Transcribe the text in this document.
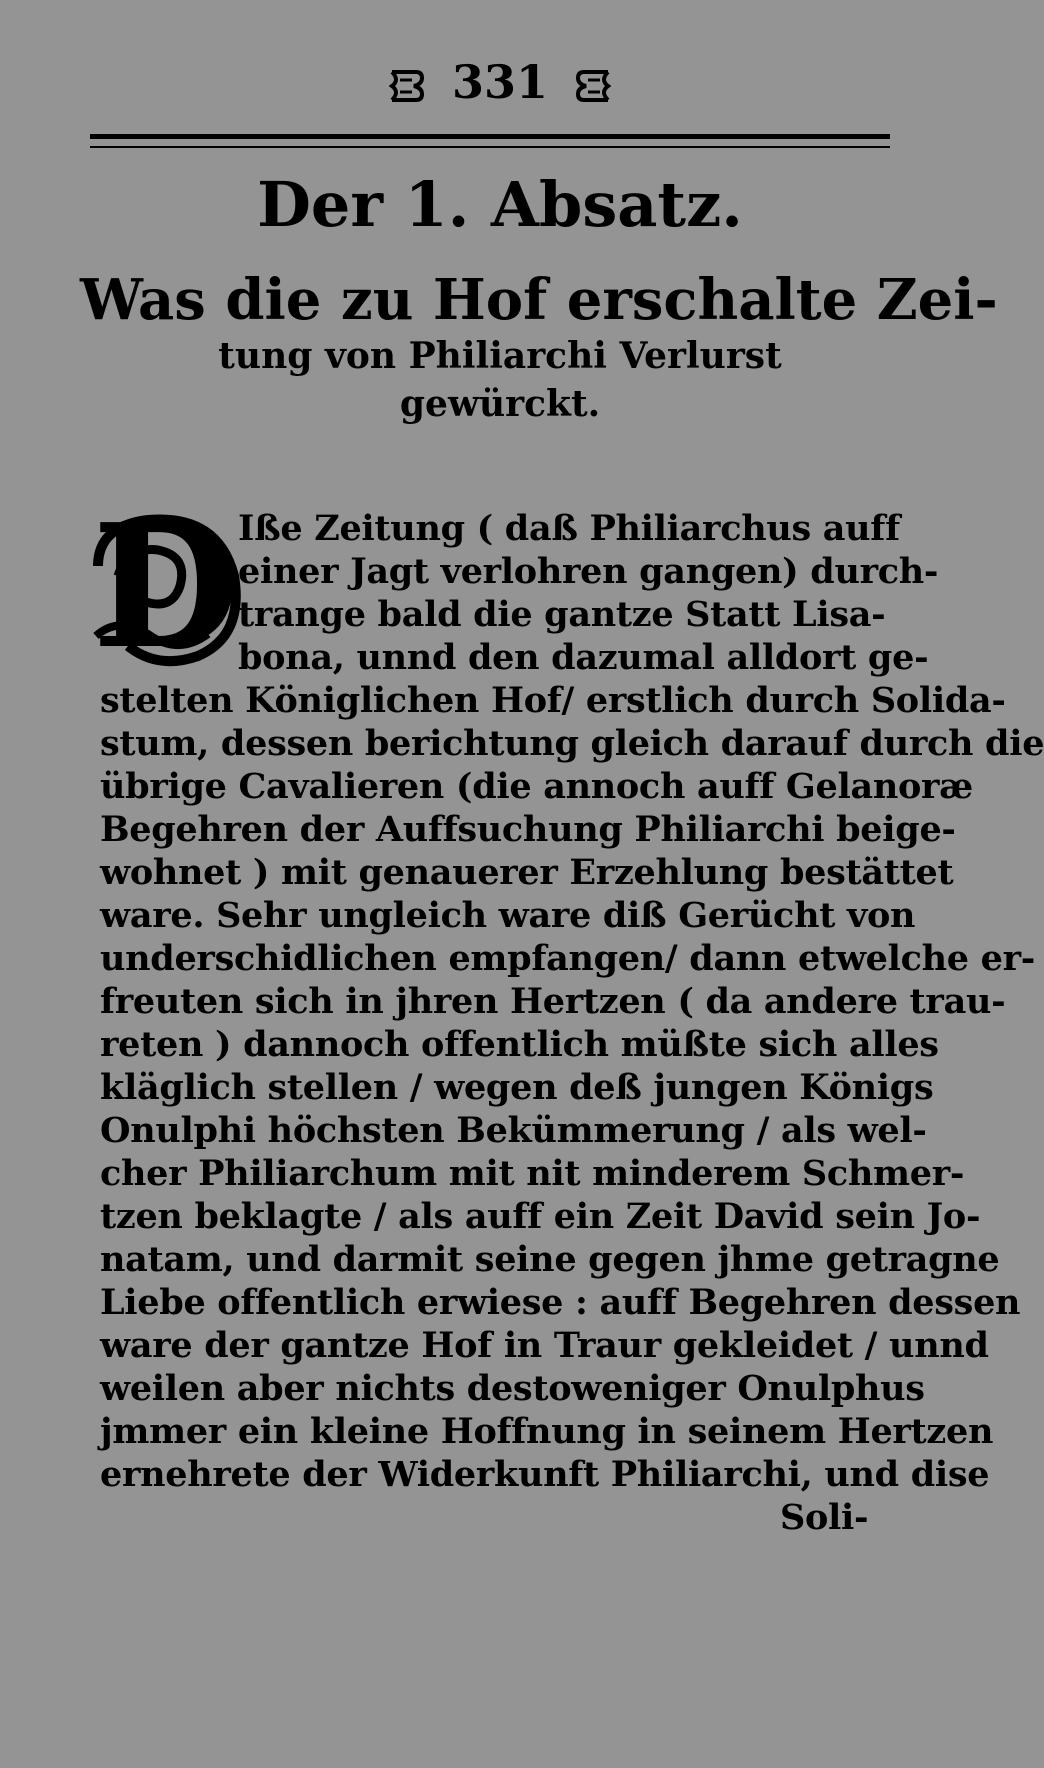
331
Der 1. Absatz.
Was die zu Hof erschalte Zei-
tung von Philiarchi Verlurst
gewürckt.
D
Iße Zeitung ( daß Philiarchus auff
einer Jagt verlohren gangen) durch-
trange bald die gantze Statt Lisa-
bona, unnd den dazumal alldort ge-
stelten Königlichen Hof/ erstlich durch Solida-
stum, dessen berichtung gleich darauf durch die
übrige Cavalieren (die annoch auff Gelanoræ
Begehren der Auffsuchung Philiarchi beige-
wohnet ) mit genauerer Erzehlung bestättet
ware. Sehr ungleich ware diß Gerücht von
underschidlichen empfangen/ dann etwelche er-
freuten sich in jhren Hertzen ( da andere trau-
reten ) dannoch offentlich müßte sich alles
kläglich stellen / wegen deß jungen Königs
Onulphi höchsten Bekümmerung / als wel-
cher Philiarchum mit nit minderem Schmer-
tzen beklagte / als auff ein Zeit David sein Jo-
natam, und darmit seine gegen jhme getragne
Liebe offentlich erwiese : auff Begehren dessen
ware der gantze Hof in Traur gekleidet / unnd
weilen aber nichts destoweniger Onulphus
jmmer ein kleine Hoffnung in seinem Hertzen
ernehrete der Widerkunft Philiarchi, und dise
Soli-
